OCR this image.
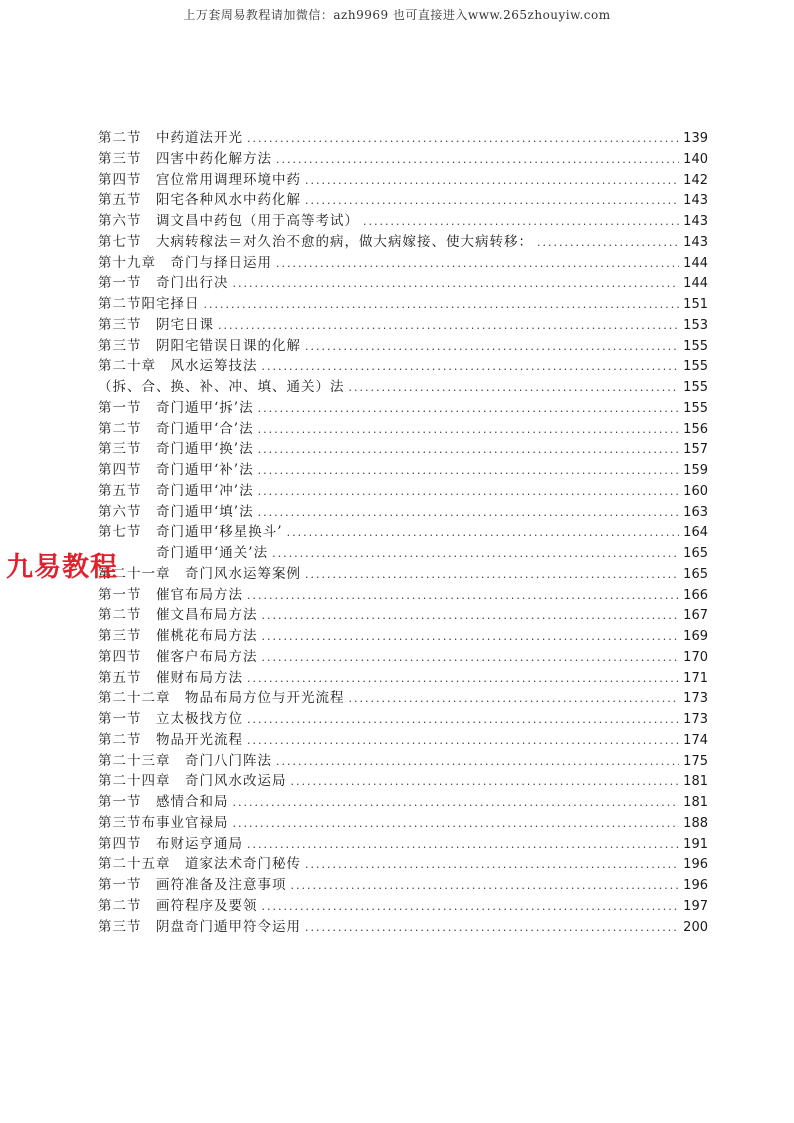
上万套周易教程请加微信：azh9969 也可直接进入www.265zhouyiw.com
第二节　中药道法开光 .....	139
第三节　四害中药化解方法 .....	140
第四节　宫位常用调理环境中药 .....	142
第五节　阳宅各种风水中药化解 .....	143
第六节　调文昌中药包（用于高等考试） .....	143
第七节　大病转稼法＝对久治不愈的病，做大病嫁接、使大病转移： .....	143
第十九章　奇门与择日运用 .....	144
第一节　奇门出行决 .....	144
第二节阳宅择日 .....	151
第三节　阴宅日课 .....	153
第三节　阴阳宅错误日课的化解 .....	155
第二十章　风水运筹技法 .....	155
（拆、合、换、补、冲、填、通关）法 .....	155
第一节　奇门遁甲‘拆’法 .....	155
第二节　奇门遁甲‘合’法 .....	156
第三节　奇门遁甲‘换’法 .....	157
第四节　奇门遁甲‘补’法 .....	159
第五节　奇门遁甲‘冲’法 .....	160
第六节　奇门遁甲‘填’法 .....	163
第七节　奇门遁甲‘移星换斗’ .....	164
　　　　奇门遁甲‘通关’法 .....	165
第二十一章　奇门风水运筹案例 .....	165
第一节　催官布局方法 .....	166
第二节　催文昌布局方法 .....	167
第三节　催桃花布局方法 .....	169
第四节　催客户布局方法 .....	170
第五节　催财布局方法 .....	171
第二十二章　物品布局方位与开光流程 .....	173
第一节　立太极找方位 .....	173
第二节　物品开光流程 .....	174
第二十三章　奇门八门阵法 .....	175
第二十四章　奇门风水改运局 .....	181
第一节　感情合和局 .....	181
第三节布事业官禄局 .....	188
第四节　布财运亨通局 .....	191
第二十五章　道家法术奇门秘传 .....	196
第一节　画符准备及注意事项 .....	196
第二节　画符程序及要领 .....	197
第三节　阴盘奇门遁甲符令运用 .....	200
九易教程
